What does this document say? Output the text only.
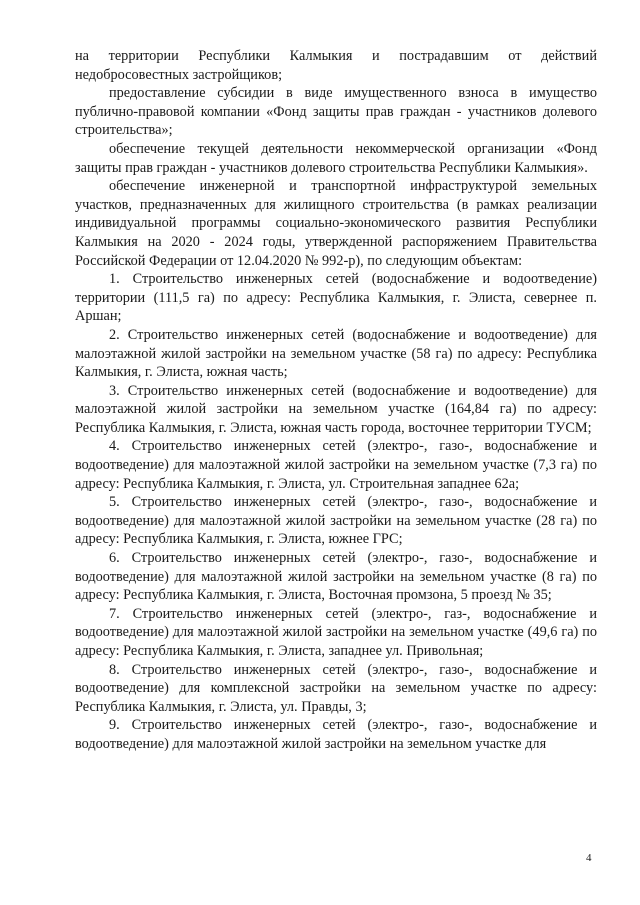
на территории Республики Калмыкия и пострадавшим от действий недобросовестных застройщиков;

предоставление субсидии в виде имущественного взноса в имущество публично-правовой компании «Фонд защиты прав граждан - участников долевого строительства»;

обеспечение текущей деятельности некоммерческой организации «Фонд защиты прав граждан - участников долевого строительства Республики Калмыкия».

обеспечение инженерной и транспортной инфраструктурой земельных участков, предназначенных для жилищного строительства (в рамках реализации индивидуальной программы социально-экономического развития Республики Калмыкия на 2020 - 2024 годы, утвержденной распоряжением Правительства Российской Федерации от 12.04.2020 № 992-р), по следующим объектам:

1. Строительство инженерных сетей (водоснабжение и водоотведение) территории (111,5 га) по адресу: Республика Калмыкия, г. Элиста, севернее п. Аршан;

2. Строительство инженерных сетей (водоснабжение и водоотведение) для малоэтажной жилой застройки на земельном участке (58 га) по адресу: Республика Калмыкия, г. Элиста, южная часть;

3. Строительство инженерных сетей (водоснабжение и водоотведение) для малоэтажной жилой застройки на земельном участке (164,84 га) по адресу: Республика Калмыкия, г. Элиста, южная часть города, восточнее территории ТУСМ;

4. Строительство инженерных сетей (электро-, газо-, водоснабжение и водоотведение) для малоэтажной жилой застройки на земельном участке (7,3 га) по адресу: Республика Калмыкия, г. Элиста, ул. Строительная западнее 62а;

5. Строительство инженерных сетей (электро-, газо-, водоснабжение и водоотведение) для малоэтажной жилой застройки на земельном участке (28 га) по адресу: Республика Калмыкия, г. Элиста, южнее ГРС;

6. Строительство инженерных сетей (электро-, газо-, водоснабжение и водоотведение) для малоэтажной жилой застройки на земельном участке (8 га) по адресу: Республика Калмыкия, г. Элиста, Восточная промзона, 5 проезд № 35;

7. Строительство инженерных сетей (электро-, газ-, водоснабжение и водоотведение) для малоэтажной жилой застройки на земельном участке (49,6 га) по адресу: Республика Калмыкия, г. Элиста, западнее ул. Привольная;

8. Строительство инженерных сетей (электро-, газо-, водоснабжение и водоотведение) для комплексной застройки на земельном участке по адресу: Республика Калмыкия, г. Элиста, ул. Правды, 3;

9. Строительство инженерных сетей (электро-, газо-, водоснабжение и водоотведение) для малоэтажной жилой застройки на земельном участке для

4
